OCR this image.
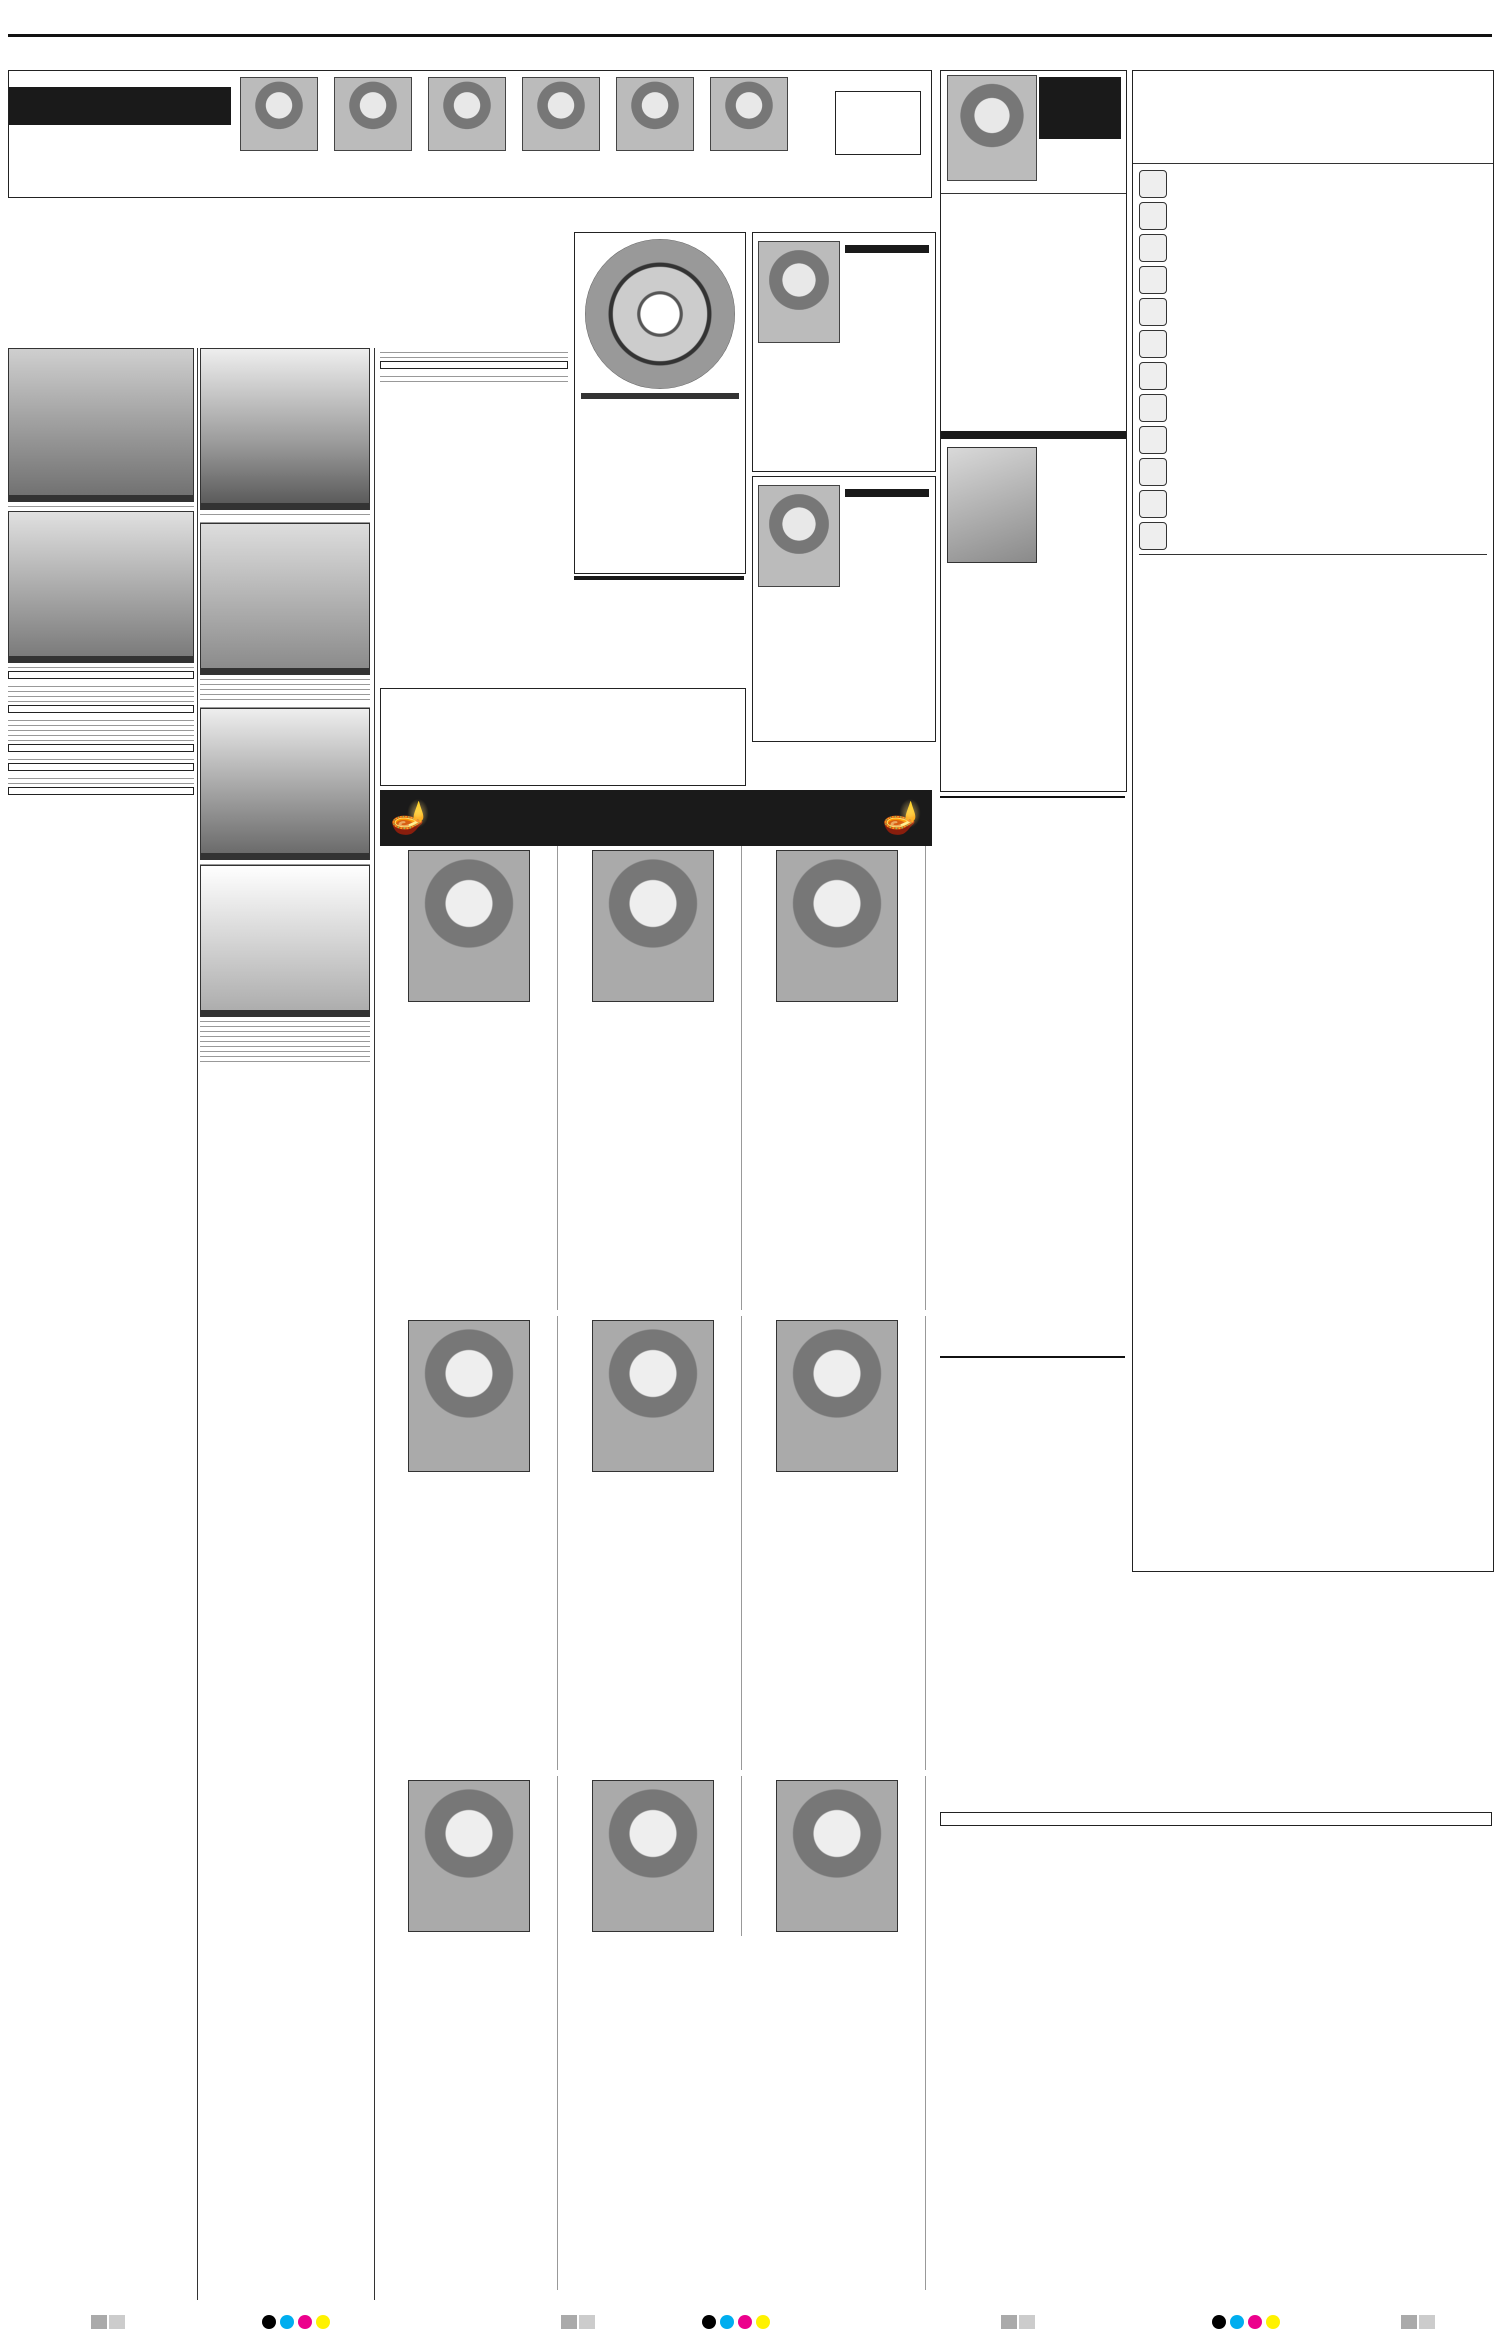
🪔	🪔
